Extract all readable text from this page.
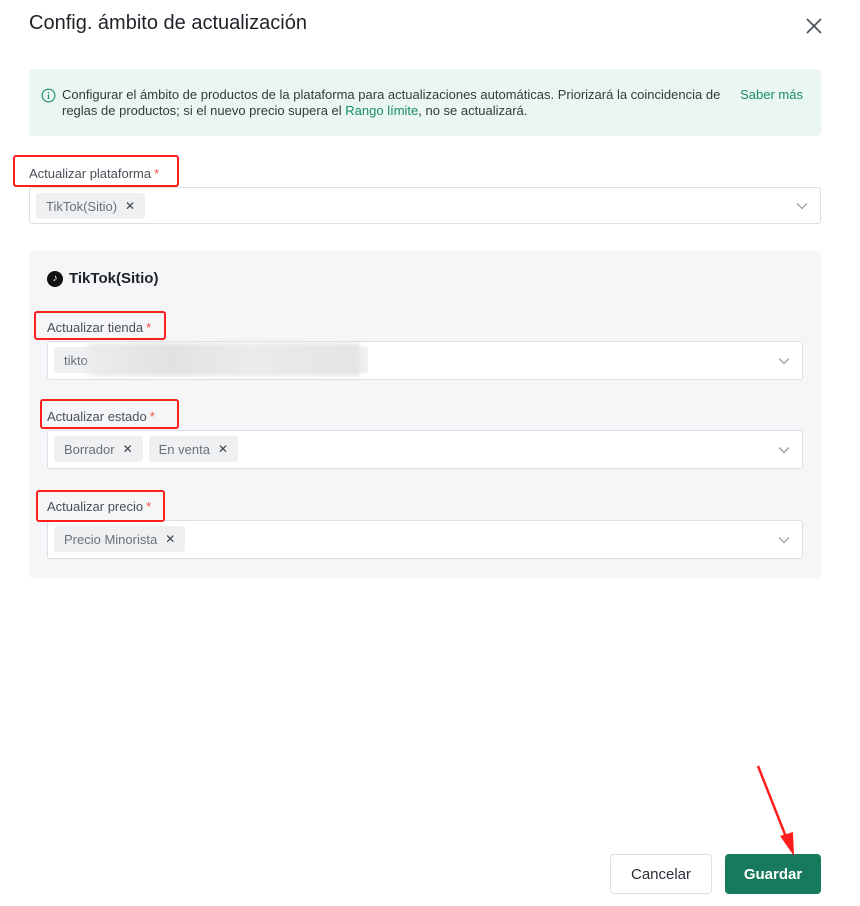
Config. ámbito de actualización
Configurar el ámbito de productos de la plataforma para actualizaciones automáticas. Priorizará la coincidencia de reglas de productos; si el nuevo precio supera el Rango límite, no se actualizará.
Saber más
Actualizar plataforma *
TikTok(Sitio) ✕
♪ TikTok(Sitio)
Actualizar tienda *
tikto
Actualizar estado *
Borrador ✕ En venta ✕
Actualizar precio *
Precio Minorista ✕
Cancelar	Guardar
